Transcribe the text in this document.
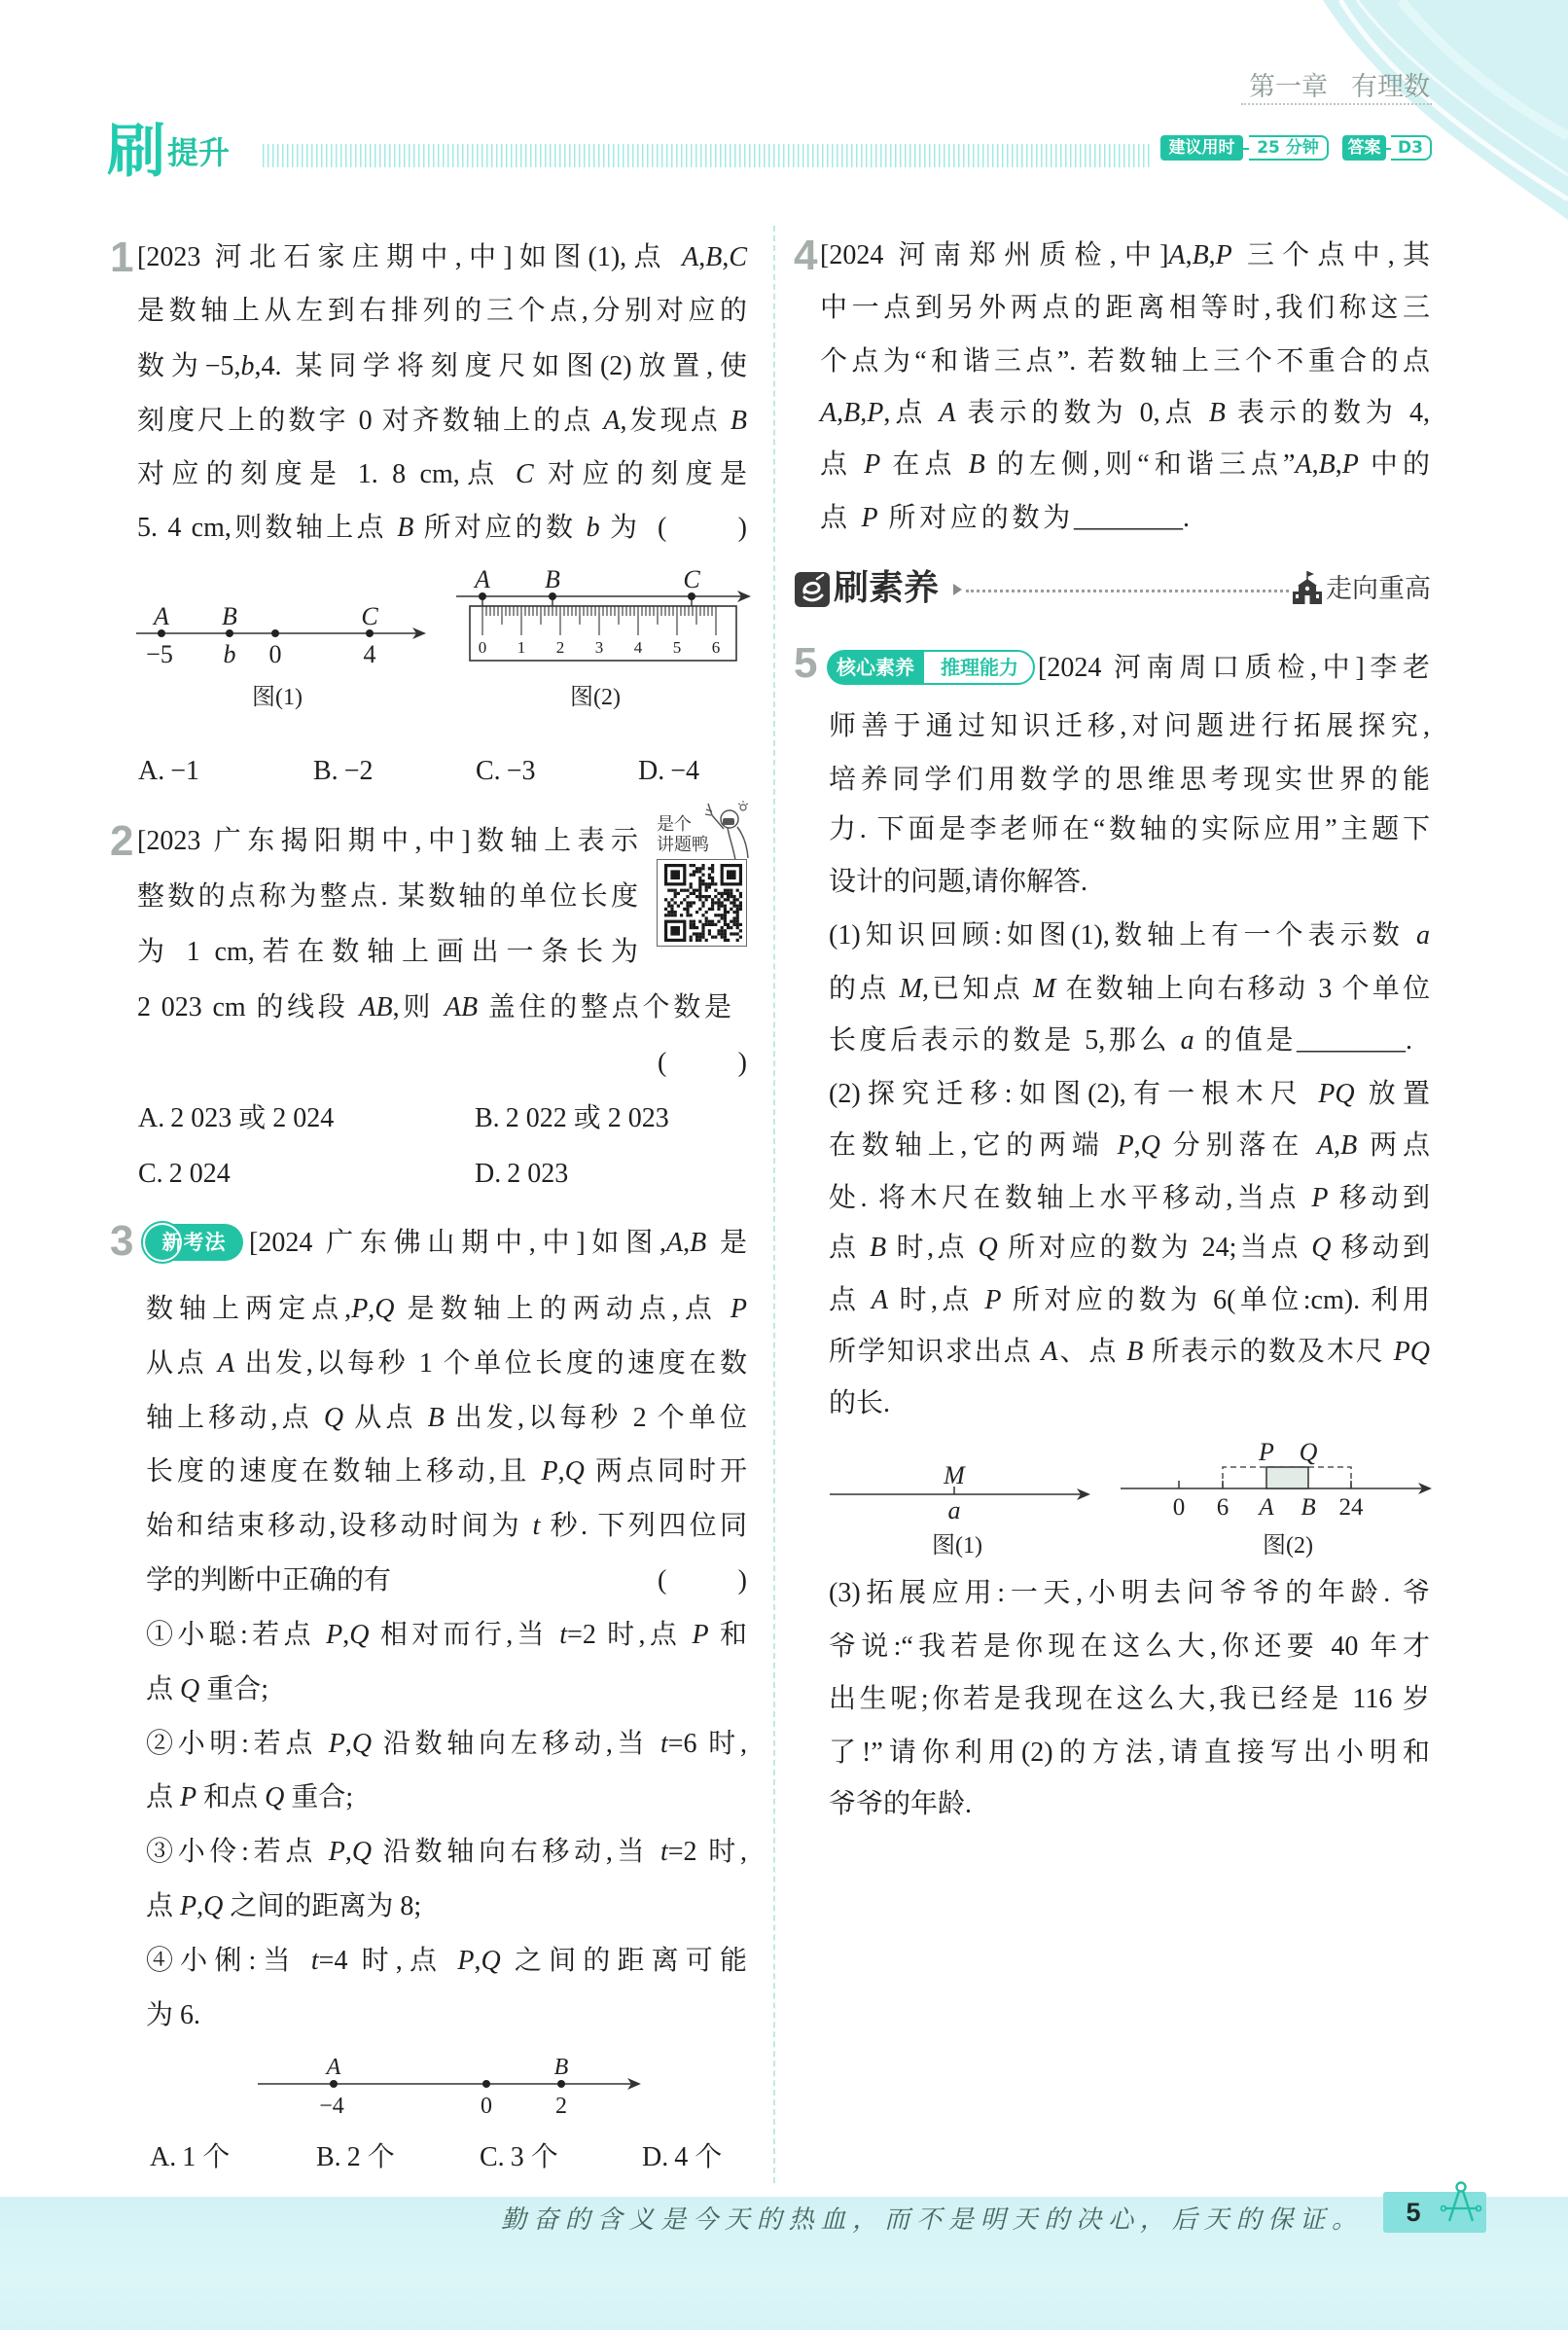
第一章 有理数
刷 提升	建议用时	25 分钟	答案	D3
1 [2023 河北石家庄期中,中]如图(1),点 A,B,C
是数轴上从左到右排列的三个点,分别对应的
数为−5,b,4. 某同学将刻度尺如图(2)放置,使
刻度尺上的数字 0 对齐数轴上的点 A,发现点 B
对应的刻度是 1. 8 cm,点 C 对应的刻度是
5. 4 cm,则数轴上点 B 所对应的数 b 为 (	)
A B	C
−5 b 0	4
图(1)
A B	C
0 1 2 3 4 5 6
图(2)
A. −1	B. −2	C. −3	D. −4
2 [2023 广东揭阳期中,中]数轴上表示
整数的点称为整点. 某数轴的单位长度
为 1 cm,若在数轴上画出一条长为
2 023 cm 的线段 AB,则 AB 盖住的整点个数是
(	)
是个
讲题鸭
A. 2 023 或 2 024	B. 2 022 或 2 023
C. 2 024	D. 2 023
3	新考法 [2024 广东佛山期中,中]如图,A,B 是
数轴上两定点,P,Q 是数轴上的两动点,点 P
从点 A 出发,以每秒 1 个单位长度的速度在数
轴上移动,点 Q 从点 B 出发,以每秒 2 个单位
长度的速度在数轴上移动,且 P,Q 两点同时开
始和结束移动,设移动时间为 t 秒. 下列四位同
学的判断中正确的有	(	)
①小聪:若点 P,Q 相对而行,当 t=2 时,点 P 和
点 Q 重合;
②小明:若点 P,Q 沿数轴向左移动,当 t=6 时,
点 P 和点 Q 重合;
③小伶:若点 P,Q 沿数轴向右移动,当 t=2 时,
点 P,Q 之间的距离为 8;
④小俐:当 t=4 时,点 P,Q 之间的距离可能
为 6.
A	B
−4	0	2
A. 1 个	B. 2 个	C. 3 个	D. 4 个
4 [2024 河南郑州质检,中]A,B,P 三个点中,其
中一点到另外两点的距离相等时,我们称这三
个点为“和谐三点”. 若数轴上三个不重合的点
A,B,P,点 A 表示的数为 0,点 B 表示的数为 4,
点 P 在点 B 的左侧,则“和谐三点”A,B,P 中的
点 P 所对应的数为________.
刷素养	走向重高
5	推理能力
核心素养	[2024 河南周口质检,中]李老
师善于通过知识迁移,对问题进行拓展探究,
培养同学们用数学的思维思考现实世界的能
力. 下面是李老师在“数轴的实际应用”主题下
设计的问题,请你解答.
(1)知识回顾:如图(1),数轴上有一个表示数 a
的点 M,已知点 M 在数轴上向右移动 3 个单位
长度后表示的数是 5,那么 a 的值是________.
(2)探究迁移:如图(2),有一根木尺 PQ 放置
在数轴上,它的两端 P,Q 分别落在 A,B 两点
处. 将木尺在数轴上水平移动,当点 P 移动到
点 B 时,点 Q 所对应的数为 24;当点 Q 移动到
点 A 时,点 P 所对应的数为 6(单位:cm). 利用
所学知识求出点 A、点 B 所表示的数及木尺 PQ
的长.
M
a
图(1)
P Q
0 6 A B 24
图(2)
(3)拓展应用:一天,小明去问爷爷的年龄. 爷
爷说:“我若是你现在这么大,你还要 40 年才
出生呢;你若是我现在这么大,我已经是 116 岁
了!”请你利用(2)的方法,请直接写出小明和
爷爷的年龄.
勤奋的含义是今天的热血，而不是明天的决心，后天的保证。 5
